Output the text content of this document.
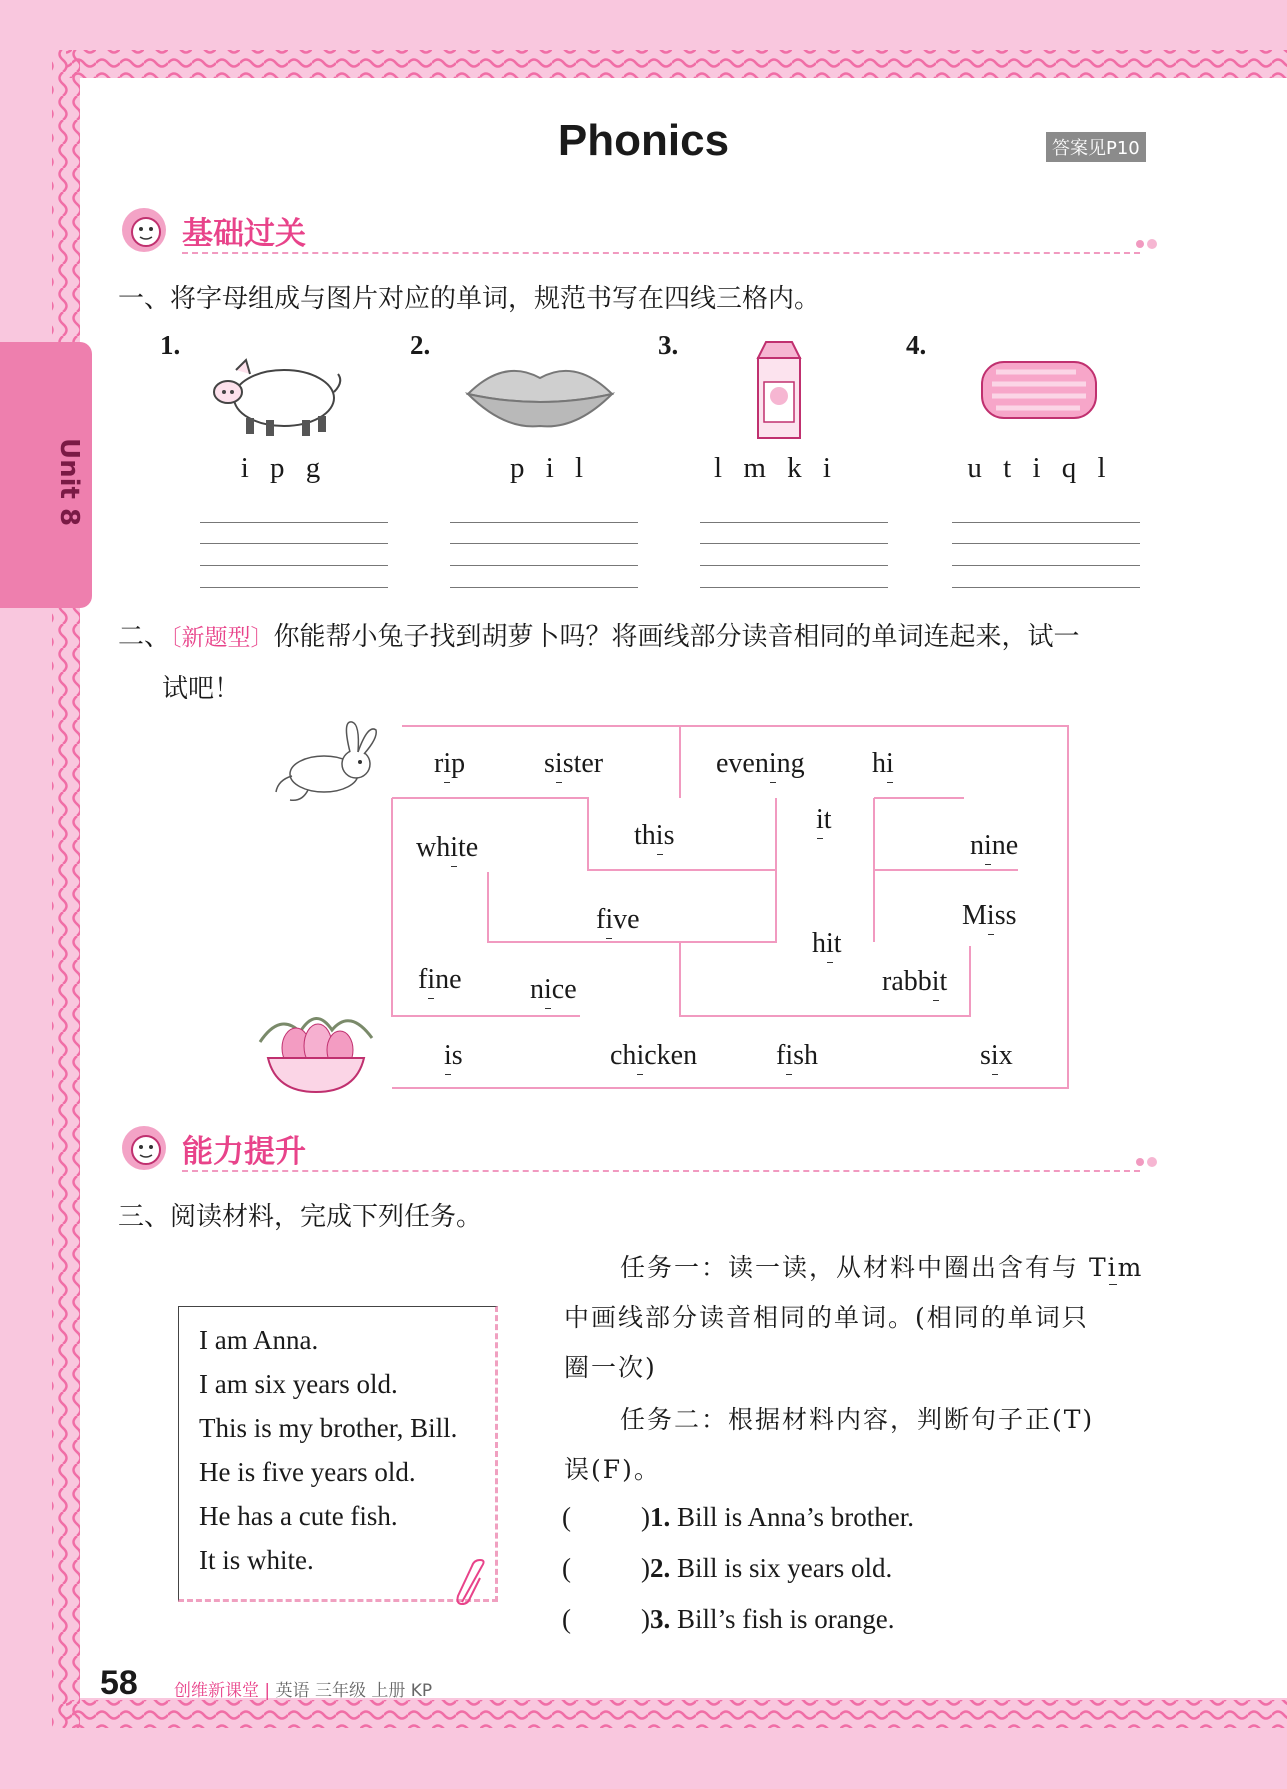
Unit 8
Phonics	答案见P10
基础过关
一、将字母组成与图片对应的单词，规范书写在四线三格内。
1.	2.	3.	4.
i p g	p i l	l m k i	u t i q l
二、〔新题型〕你能帮小兔子找到胡萝卜吗？将画线部分读音相同的单词连起来，试一
试吧！
rip	sister	evening hi
white	this
it
nine
five
hit
Miss
fine nice	rabbit
is	chicken	fish	six
能力提升
三、阅读材料，完成下列任务。
I am Anna.
I am six years old.
This is my brother, Bill.
He is five years old.
He has a cute fish.
It is white.
任务一：读一读，从材料中圈出含有与 Tim
中画线部分读音相同的单词。(相同的单词只
圈一次)
任务二：根据材料内容，判断句子正(T)
误(F)。
(	)1. Bill is Anna’s brother.
(	)2. Bill is six years old.
(	)3. Bill’s fish is orange.
58 创维新课堂 | 英语 三年级 上册 KP
